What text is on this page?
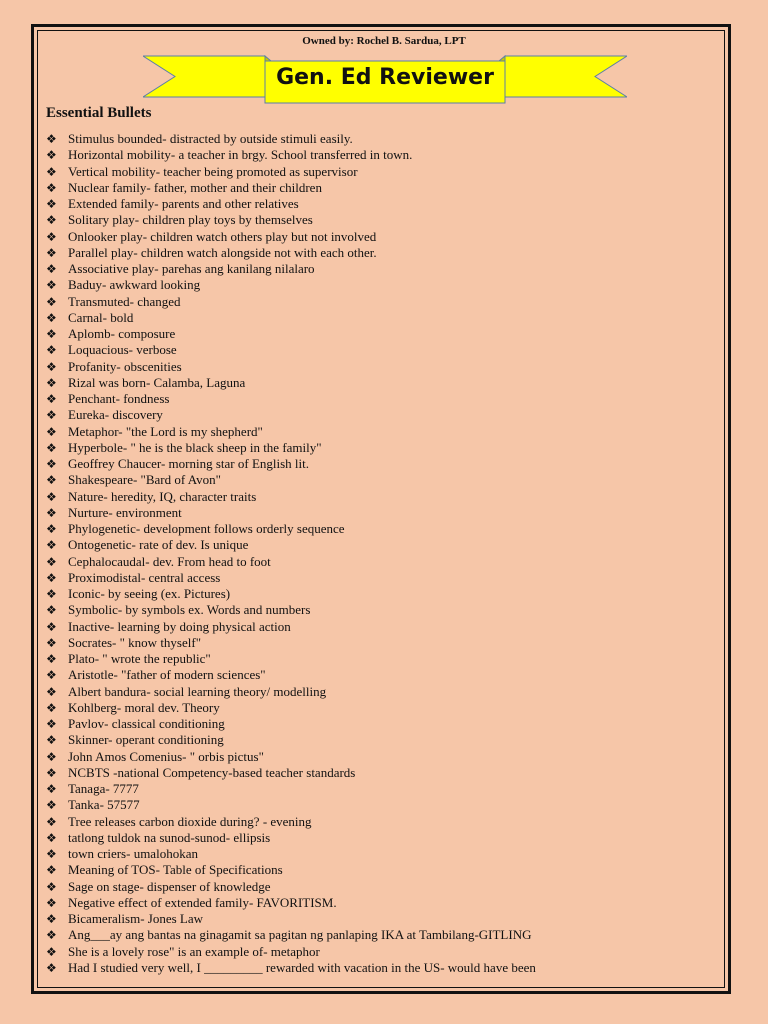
Owned by: Rochel B. Sardua, LPT
Gen. Ed Reviewer
Essential Bullets
❖ Stimulus bounded- distracted by outside stimuli easily.
❖ Horizontal mobility- a teacher in brgy. School transferred in town.
❖ Vertical mobility- teacher being promoted as supervisor
❖ Nuclear family- father, mother and their children
❖ Extended family- parents and other relatives
❖ Solitary play- children play toys by themselves
❖ Onlooker play- children watch others play but not involved
❖ Parallel play- children watch alongside not with each other.
❖ Associative play- parehas ang kanilang nilalaro
❖ Baduy- awkward looking
❖ Transmuted- changed
❖ Carnal- bold
❖ Aplomb- composure
❖ Loquacious- verbose
❖ Profanity- obscenities
❖ Rizal was born- Calamba, Laguna
❖ Penchant- fondness
❖ Eureka- discovery
❖ Metaphor- "the Lord is my shepherd"
❖ Hyperbole- " he is the black sheep in the family"
❖ Geoffrey Chaucer- morning star of English lit.
❖ Shakespeare- "Bard of Avon"
❖ Nature- heredity, IQ, character traits
❖ Nurture- environment
❖ Phylogenetic- development follows orderly sequence
❖ Ontogenetic- rate of dev. Is unique
❖ Cephalocaudal- dev. From head to foot
❖ Proximodistal- central access
❖ Iconic- by seeing (ex. Pictures)
❖ Symbolic- by symbols ex. Words and numbers
❖ Inactive- learning by doing physical action
❖ Socrates- " know thyself"
❖ Plato- " wrote the republic"
❖ Aristotle- "father of modern sciences"
❖ Albert bandura- social learning theory/ modelling
❖ Kohlberg- moral dev. Theory
❖ Pavlov- classical conditioning
❖ Skinner- operant conditioning
❖ John Amos Comenius- " orbis pictus"
❖ NCBTS -national Competency-based teacher standards
❖ Tanaga- 7777
❖ Tanka- 57577
❖ Tree releases carbon dioxide during? - evening
❖ tatlong tuldok na sunod-sunod- ellipsis
❖ town criers- umalohokan
❖ Meaning of TOS- Table of Specifications
❖ Sage on stage- dispenser of knowledge
❖ Negative effect of extended family- FAVORITISM.
❖ Bicameralism- Jones Law
❖ Ang___ay ang bantas na ginagamit sa pagitan ng panlaping IKA at Tambilang-GITLING
❖ She is a lovely rose" is an example of- metaphor
❖ Had I studied very well, I _________ rewarded with vacation in the US- would have been
